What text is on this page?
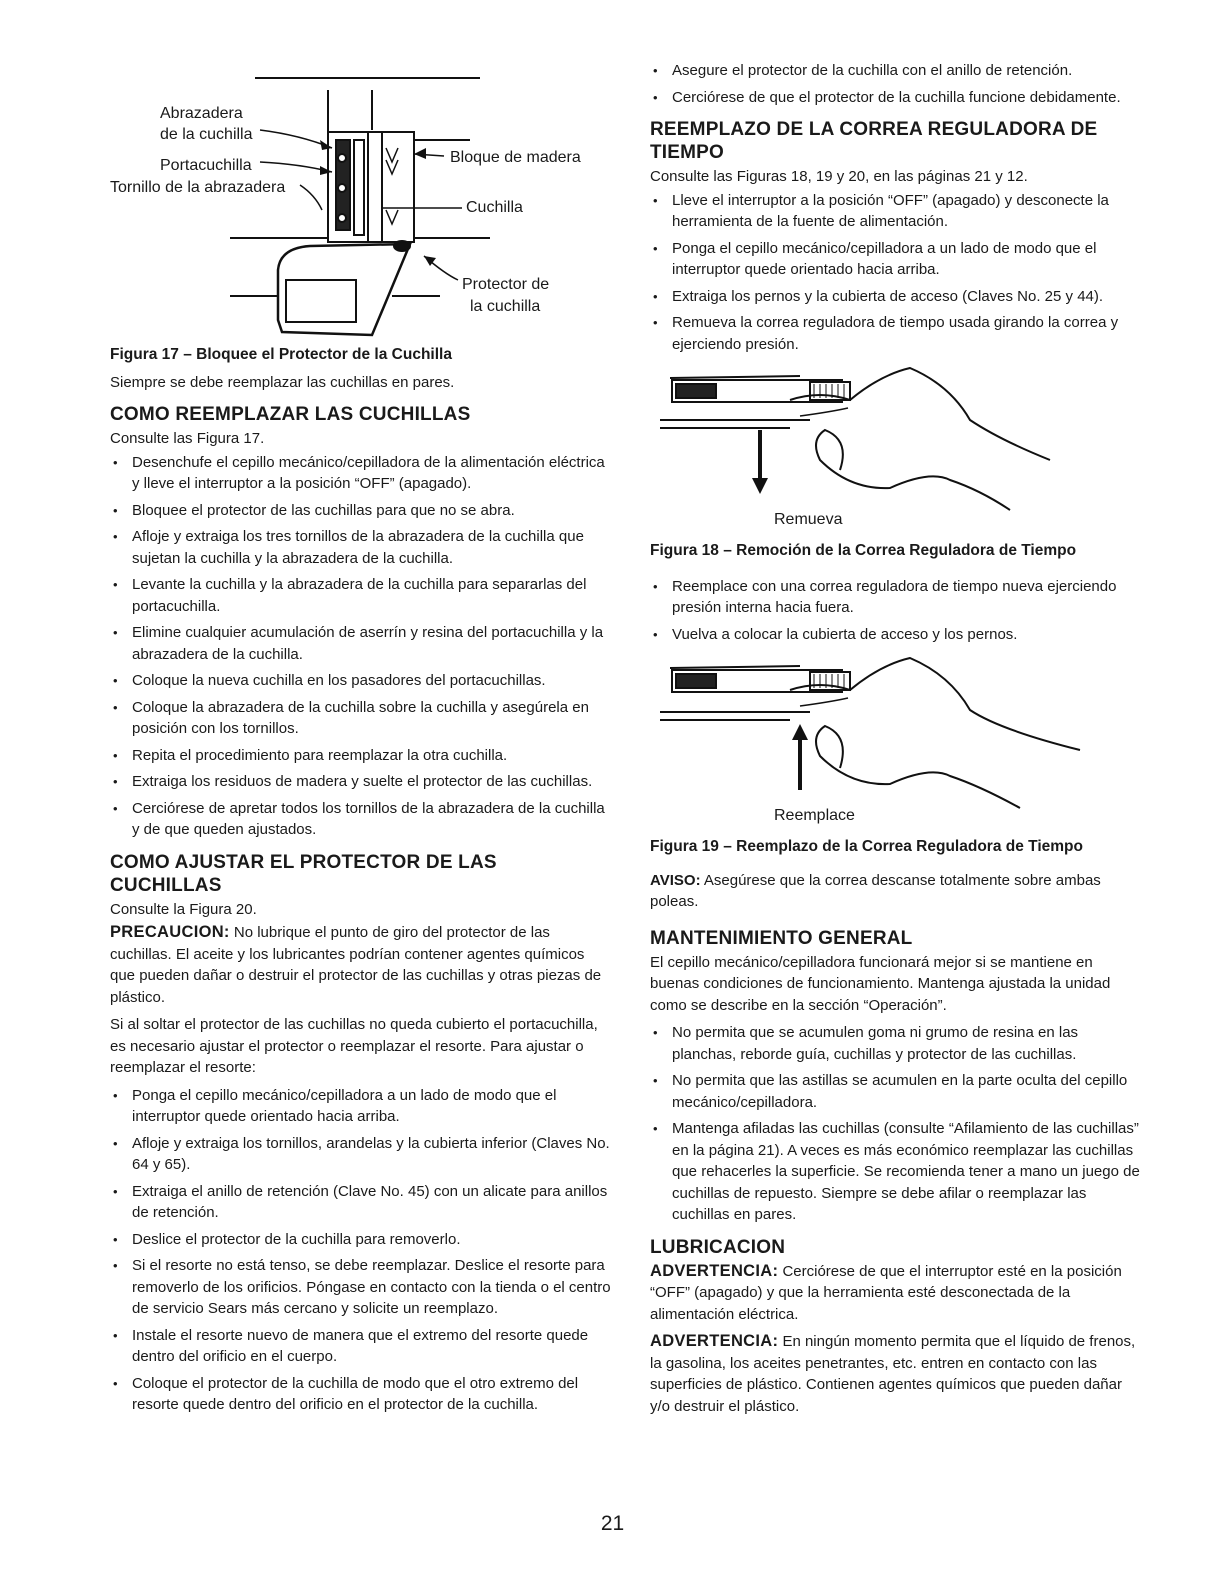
Abrazadera
de la cuchilla
Portacuchilla
Tornillo de la abrazadera
Bloque de madera
Cuchilla
Protector de
la cuchilla
Figura 17 – Bloquee el Protector de la Cuchilla

Siempre se debe reemplazar las cuchillas en pares.

COMO REEMPLAZAR LAS CUCHILLAS

Consulte las Figura 17.

• Desenchufe el cepillo mecánico/cepilladora de la alimentación eléctrica y lleve el interruptor a la posición “OFF” (apagado).
• Bloquee el protector de las cuchillas para que no se abra.
• Afloje y extraiga los tres tornillos de la abrazadera de la cuchilla que sujetan la cuchilla y la abrazadera de la cuchilla.
• Levante la cuchilla y la abrazadera de la cuchilla para separarlas del portacuchilla.
• Elimine cualquier acumulación de aserrín y resina del portacuchilla y la abrazadera de la cuchilla.
• Coloque la nueva cuchilla en los pasadores del portacuchillas.
• Coloque la abrazadera de la cuchilla sobre la cuchilla y asegúrela en posición con los tornillos.
• Repita el procedimiento para reemplazar la otra cuchilla.
• Extraiga los residuos de madera y suelte el protector de las cuchillas.
• Cerciórese de apretar todos los tornillos de la abrazadera de la cuchilla y de que queden ajustados.
COMO AJUSTAR EL PROTECTOR DE LAS CUCHILLAS

Consulte la Figura 20.

PRECAUCION: No lubrique el punto de giro del protector de las cuchillas. El aceite y los lubricantes podrían contener agentes químicos que pueden dañar o destruir el protector de las cuchillas y otras piezas de plástico.

Si al soltar el protector de las cuchillas no queda cubierto el portacuchilla, es necesario ajustar el protector o reemplazar el resorte. Para ajustar o reemplazar el resorte:

• Ponga el cepillo mecánico/cepilladora a un lado de modo que el interruptor quede orientado hacia arriba.
• Afloje y extraiga los tornillos, arandelas y la cubierta inferior (Claves No. 64 y 65).
• Extraiga el anillo de retención (Clave No. 45) con un alicate para anillos de retención.
• Deslice el protector de la cuchilla para removerlo.
• Si el resorte no está tenso, se debe reemplazar. Deslice el resorte para removerlo de los orificios. Póngase en contacto con la tienda o el centro de servicio Sears más cercano y solicite un reemplazo.
• Instale el resorte nuevo de manera que el extremo del resorte quede dentro del orificio en el cuerpo.
• Coloque el protector de la cuchilla de modo que el otro extremo del resorte quede dentro del orificio en el protector de la cuchilla.
• Asegure el protector de la cuchilla con el anillo de retención.
• Cerciórese de que el protector de la cuchilla funcione debidamente.
REEMPLAZO DE LA CORREA REGULADORA DE TIEMPO

Consulte las Figuras 18, 19 y 20, en las páginas 21 y 12.

• Lleve el interruptor a la posición “OFF” (apagado) y desconecte la herramienta de la fuente de alimentación.
• Ponga el cepillo mecánico/cepilladora a un lado de modo que el interruptor quede orientado hacia arriba.
• Extraiga los pernos y la cubierta de acceso (Claves No. 25 y 44).
• Remueva la correa reguladora de tiempo usada girando la correa y ejerciendo presión.
Remueva
Figura 18 – Remoción de la Correa Reguladora de Tiempo
• Reemplace con una correa reguladora de tiempo nueva ejerciendo presión interna hacia fuera.
• Vuelva a colocar la cubierta de acceso y los pernos.
Reemplace
Figura 19 – Reemplazo de la Correa Reguladora de Tiempo

AVISO: Asegúrese que la correa descanse totalmente sobre ambas poleas.

MANTENIMIENTO GENERAL

El cepillo mecánico/cepilladora funcionará mejor si se mantiene en buenas condiciones de funcionamiento. Mantenga ajustada la unidad como se describe en la sección “Operación”.

• No permita que se acumulen goma ni grumo de resina en las planchas, reborde guía, cuchillas y protector de las cuchillas.
• No permita que las astillas se acumulen en la parte oculta del cepillo mecánico/cepilladora.
• Mantenga afiladas las cuchillas (consulte “Afilamiento de las cuchillas” en la página 21). A veces es más económico reemplazar las cuchillas que rehacerles la superficie. Se recomienda tener a mano un juego de cuchillas de repuesto. Siempre se debe afilar o reemplazar las cuchillas en pares.
LUBRICACION

ADVERTENCIA: Cerciórese de que el interruptor esté en la posición “OFF” (apagado) y que la herramienta esté desconectada de la alimentación eléctrica.

ADVERTENCIA: En ningún momento permita que el líquido de frenos, la gasolina, los aceites penetrantes, etc. entren en contacto con las superficies de plástico. Contienen agentes químicos que pueden dañar y/o destruir el plástico.

21
